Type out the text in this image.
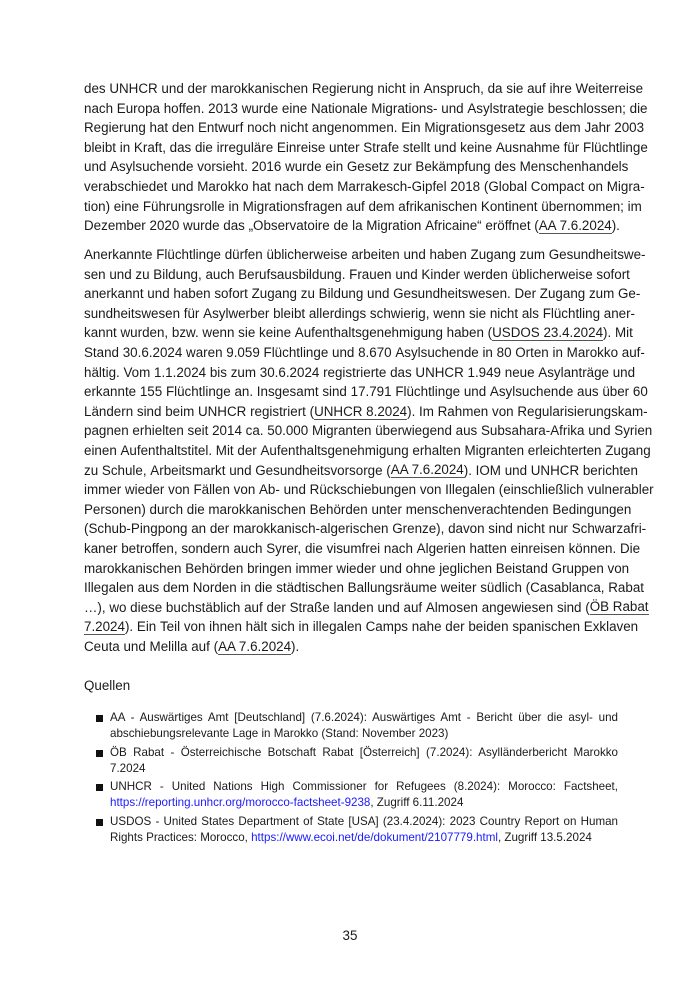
des
UNHCR
und
der
marokkanischen
Regierung
nicht
in
Anspruch,
da
sie
auf
ihre
Weiterreise
nach
Europa
hoffen.
2013
wurde
eine
Nationale
Migrations-
und
Asylstrategie
beschlossen;
die
Regierung
hat
den
Entwurf
noch
nicht
angenommen.
Ein
Migrationsgesetz
aus
dem
Jahr
2003
bleibt
in
Kraft,
das
die
irreguläre
Einreise
unter
Strafe
stellt
und
keine
Ausnahme
für
Flüchtlinge
und
Asylsuchende
vorsieht.
2016
wurde
ein
Gesetz
zur
Bekämpfung
des
Menschenhandels
verabschiedet
und
Marokko
hat
nach
dem
Marrakesch-Gipfel
2018
(Global
Compact
on
Migra-
tion)
eine
Führungsrolle
in
Migrationsfragen
auf
dem
afrikanischen
Kontinent
übernommen;
im
Dezember
2020
wurde
das
„Observatoire
de
la
Migration
Africaine“
eröffnet
( AA 7.6.2024 ).
Anerkannte
Flüchtlinge
dürfen
üblicherweise
arbeiten
und
haben
Zugang
zum
Gesundheitswe-
sen
und
zu
Bildung,
auch
Berufsausbildung.
Frauen
und
Kinder
werden
üblicherweise
sofort
anerkannt
und
haben
sofort
Zugang
zu
Bildung
und
Gesundheitswesen.
Der
Zugang
zum
Ge-
sundheitswesen
für
Asylwerber
bleibt
allerdings
schwierig,
wenn
sie
nicht
als
Flüchtling
aner-
kannt
wurden,
bzw.
wenn
sie
keine
Aufenthaltsgenehmigung
haben
( USDOS 23.4.2024 ).
Mit
Stand
30.6.2024
waren
9.059
Flüchtlinge
und
8.670
Asylsuchende
in
80
Orten
in
Marokko
auf-
hältig.
Vom
1.1.2024
bis
zum
30.6.2024
registrierte
das
UNHCR
1.949
neue
Asylanträge
und
erkannte
155
Flüchtlinge
an.
Insgesamt
sind
17.791
Flüchtlinge
und
Asylsuchende
aus
über
60
Ländern
sind
beim
UNHCR
registriert
( UNHCR 8.2024 ).
Im
Rahmen
von
Regularisierungskam-
pagnen
erhielten
seit
2014
ca.
50.000
Migranten
überwiegend
aus
Subsahara-Afrika
und
Syrien
einen
Aufenthaltstitel.
Mit
der
Aufenthaltsgenehmigung
erhalten
Migranten
erleichterten
Zugang
zu
Schule,
Arbeitsmarkt
und
Gesundheitsvorsorge
( AA 7.6.2024 ).
IOM
und
UNHCR
berichten
immer
wieder
von
Fällen
von
Ab-
und
Rückschiebungen
von
Illegalen
(einschließlich
vulnerabler
Personen)
durch
die
marokkanischen
Behörden
unter
menschenverachtenden
Bedingungen
(Schub-Pingpong
an
der
marokkanisch-algerischen
Grenze),
davon
sind
nicht
nur
Schwarzafri-
kaner
betroffen,
sondern
auch
Syrer,
die
visumfrei
nach
Algerien
hatten
einreisen
können.
Die
marokkanischen
Behörden
bringen
immer
wieder
und
ohne
jeglichen
Beistand
Gruppen
von
Illegalen
aus
dem
Norden
in
die
städtischen
Ballungsräume
weiter
südlich
(Casablanca,
Rabat
…),
wo
diese
buchstäblich
auf
der
Straße
landen
und
auf
Almosen
angewiesen
sind
( ÖB Rabat
7.2024 ).
Ein
Teil
von
ihnen
hält
sich
in
illegalen
Camps
nahe
der
beiden
spanischen
Exklaven
Ceuta
und
Melilla
auf
( AA 7.6.2024 ).
Quellen
AA - Auswärtiges Amt [Deutschland] (7.6.2024): Auswärtiges Amt - Bericht über die asyl- und abschiebungsrelevante Lage in Marokko (Stand: November 2023)
ÖB Rabat - Österreichische Botschaft Rabat [Österreich] (7.2024): Asylländerbericht Marokko 7.2024
UNHCR - United Nations High Commissioner for Refugees (8.2024): Morocco: Factsheet, https://reporting.unhcr.org/morocco-factsheet-9238, Zugriff 6.11.2024
USDOS - United States Department of State [USA] (23.4.2024): 2023 Country Report on Human Rights Practices: Morocco, https://www.ecoi.net/de/dokument/2107779.html, Zugriff 13.5.2024
35
